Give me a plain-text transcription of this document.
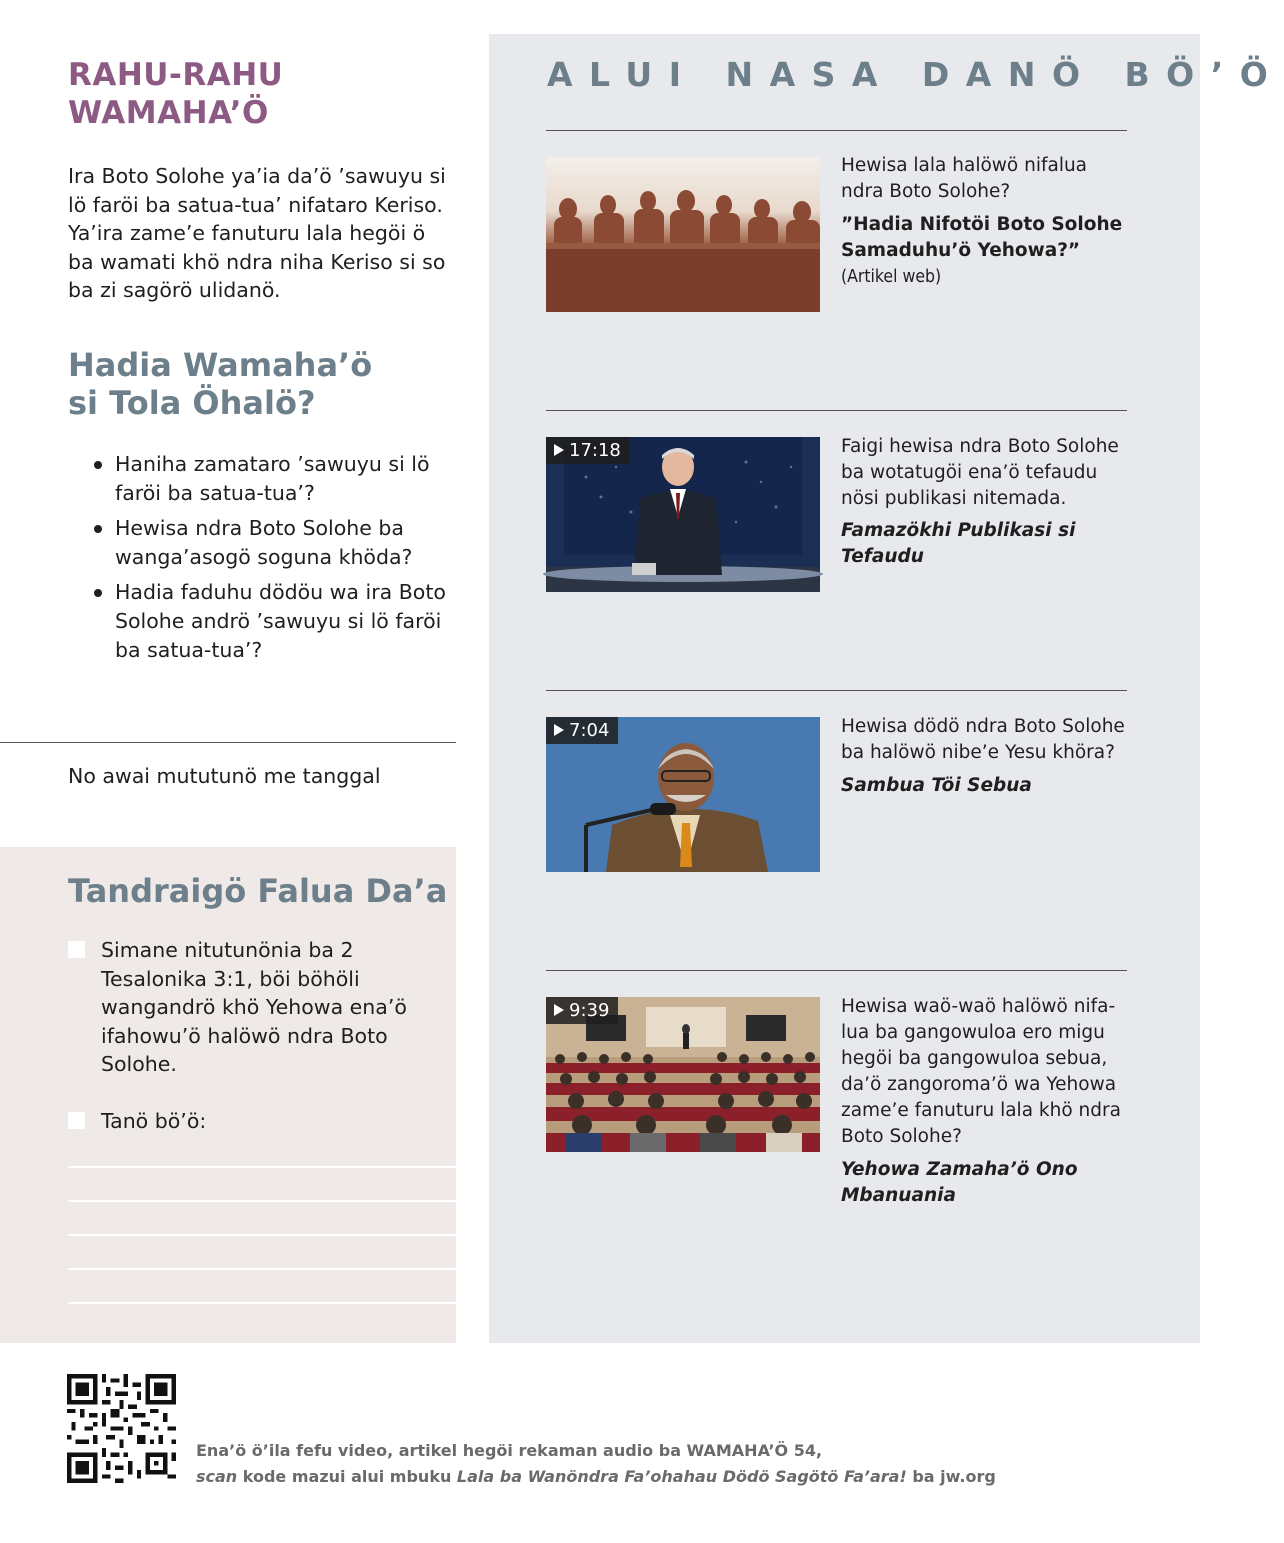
RAHU-RAHU
WAMAHA’Ö

Ira Boto Solohe ya’ia da’ö ’sawuyu si lö faröi ba satua-tua’ nifataro Keriso. Ya’ira zame’e fanuturu lala hegöi ö ba wamati khö ndra niha Keriso si so ba zi sagörö ulidanö.

Hadia Wamaha’ö
si Tola Öhalö?
Haniha zamataro ’sawuyu si lö faröi ba satua-tua’?
Hewisa ndra Boto Solohe ba wanga’asogö soguna khöda?
Hadia faduhu dödöu wa ira Boto Solohe andrö ’sawuyu si lö faröi ba satua-tua’?

No awai mututunö me tanggal

Tandraigö Falua Da’a
Simane nitutunönia ba 2 Tesalonika 3:1, böi böhöli wangandrö khö Yehowa ena’ö ifahowu’ö halöwö ndra Boto Solohe.
Tanö bö’ö:
ALUI NASA DANÖ BÖ’Ö

Hewisa lala halöwö nifalua ndra Boto Solohe?

”Hadia Nifotöi Boto Solohe Samaduhu’ö Yehowa?”
(Artikel web)

17:18	Faigi hewisa ndra Boto Solohe ba wotatugöi ena’ö tefaudu nösi publikasi nitemada.

Famazökhi Publikasi si Tefaudu

7:04	Hewisa dödö ndra Boto Solohe ba halöwö nibe’e Yesu khöra?

Sambua Töi Sebua

9:39	Hewisa waö-waö halöwö nifa-lua ba gangowuloa ero migu hegöi ba gangowuloa sebua, da’ö zangoroma’ö wa Yehowa zame’e fanuturu lala khö ndra Boto Solohe?

Yehowa Zamaha’ö Ono Mbanuania

Ena’ö ö’ila fefu video, artikel hegöi rekaman audio ba WAMAHA’Ö 54,
scan kode mazui alui mbuku Lala ba Wanöndra Fa’ohahau Dödö Sagötö Fa’ara! ba jw.org
